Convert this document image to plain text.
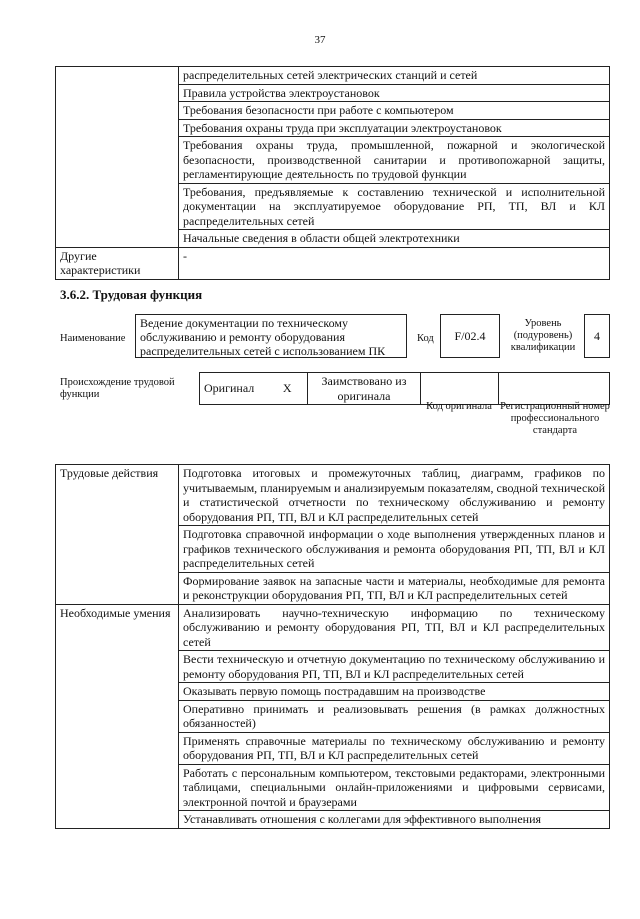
37
	распределительных сетей электрических станций и сетей
	Правила устройства электроустановок
	Требования безопасности при работе с компьютером
	Требования охраны труда при эксплуатации электроустановок
	Требования охраны труда, промышленной, пожарной и экологической безопасности, производственной санитарии и противопожарной защиты, регламентирующие деятельность по трудовой функции
	Требования, предъявляемые к составлению технической и исполнительной документации на эксплуатируемое оборудование РП, ТП, ВЛ и КЛ распределительных сетей
	Начальные сведения в области общей электротехники
Другие характеристики	-
3.6.2. Трудовая функция
Наименование
Ведение документации по техническому обслуживанию и ремонту оборудования распределительных сетей с использованием ПК
Код	F/02.4
Уровень (подуровень) квалификации
4
Происхождение трудовой функции	Оригинал	X	Заимствовано из оригинала		
Код оригинала Регистрационный номер профессионального стандарта
Трудовые действия	Подготовка итоговых и промежуточных таблиц, диаграмм, графиков по учитываемым, планируемым и анализируемым показателям, сводной технической и статистической отчетности по техническому обслуживанию и ремонту оборудования РП, ТП, ВЛ и КЛ распределительных сетей
	Подготовка справочной информации о ходе выполнения утвержденных планов и графиков технического обслуживания и ремонта оборудования РП, ТП, ВЛ и КЛ распределительных сетей
	Формирование заявок на запасные части и материалы, необходимые для ремонта и реконструкции оборудования РП, ТП, ВЛ и КЛ распределительных сетей
Необходимые умения	Анализировать научно-техническую информацию по техническому обслуживанию и ремонту оборудования РП, ТП, ВЛ и КЛ распределительных сетей
	Вести техническую и отчетную документацию по техническому обслуживанию и ремонту оборудования РП, ТП, ВЛ и КЛ распределительных сетей
	Оказывать первую помощь пострадавшим на производстве
	Оперативно принимать и реализовывать решения (в рамках должностных обязанностей)
	Применять справочные материалы по техническому обслуживанию и ремонту оборудования РП, ТП, ВЛ и КЛ распределительных сетей
	Работать с персональным компьютером, текстовыми редакторами, электронными таблицами, специальными онлайн-приложениями и цифровыми сервисами, электронной почтой и браузерами
	Устанавливать отношения с коллегами для эффективного выполнения
